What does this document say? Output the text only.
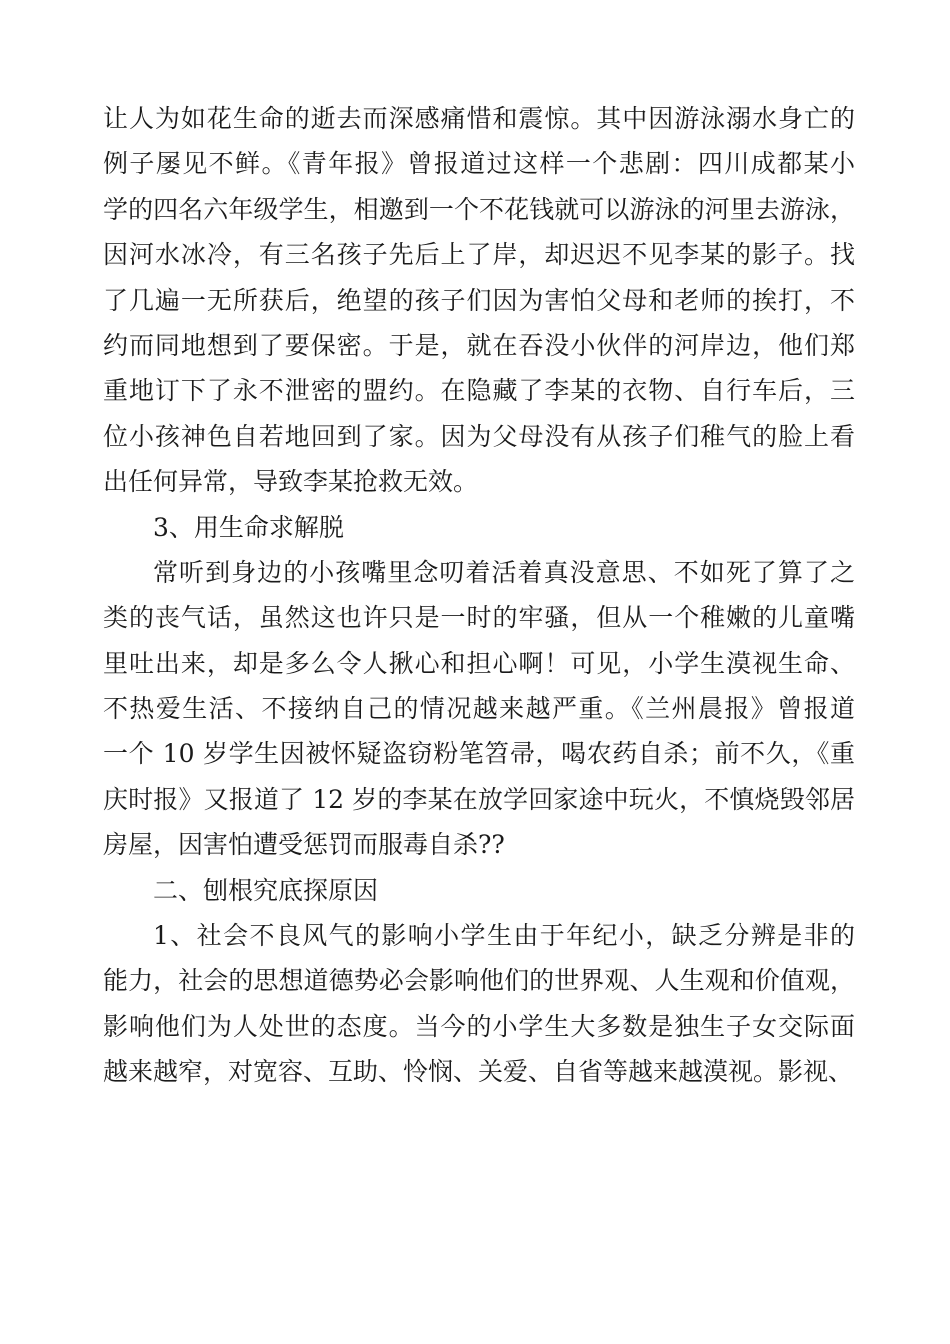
让人为如花生命的逝去而深感痛惜和震惊。其中因游泳溺水身亡的
例子屡见不鲜。《青年报》曾报道过这样一个悲剧：四川成都某小
学的四名六年级学生，相邀到一个不花钱就可以游泳的河里去游泳，
因河水冰冷，有三名孩子先后上了岸，却迟迟不见李某的影子。找
了几遍一无所获后，绝望的孩子们因为害怕父母和老师的挨打，不
约而同地想到了要保密。于是，就在吞没小伙伴的河岸边，他们郑
重地订下了永不泄密的盟约。在隐藏了李某的衣物、自行车后，三
位小孩神色自若地回到了家。因为父母没有从孩子们稚气的脸上看
出任何异常，导致李某抢救无效。

3、用生命求解脱

常听到身边的小孩嘴里念叨着活着真没意思、不如死了算了之
类的丧气话，虽然这也许只是一时的牢骚，但从一个稚嫩的儿童嘴
里吐出来，却是多么令人揪心和担心啊！可见，小学生漠视生命、
不热爱生活、不接纳自己的情况越来越严重。《兰州晨报》曾报道
一个 10 岁学生因被怀疑盗窃粉笔笤帚，喝农药自杀；前不久，《重
庆时报》又报道了 12 岁的李某在放学回家途中玩火，不慎烧毁邻居
房屋，因害怕遭受惩罚而服毒自杀??

二、刨根究底探原因

1、社会不良风气的影响小学生由于年纪小，缺乏分辨是非的
能力，社会的思想道德势必会影响他们的世界观、人生观和价值观，
影响他们为人处世的态度。当今的小学生大多数是独生子女交际面
越来越窄，对宽容、互助、怜悯、关爱、自省等越来越漠视。影视、
